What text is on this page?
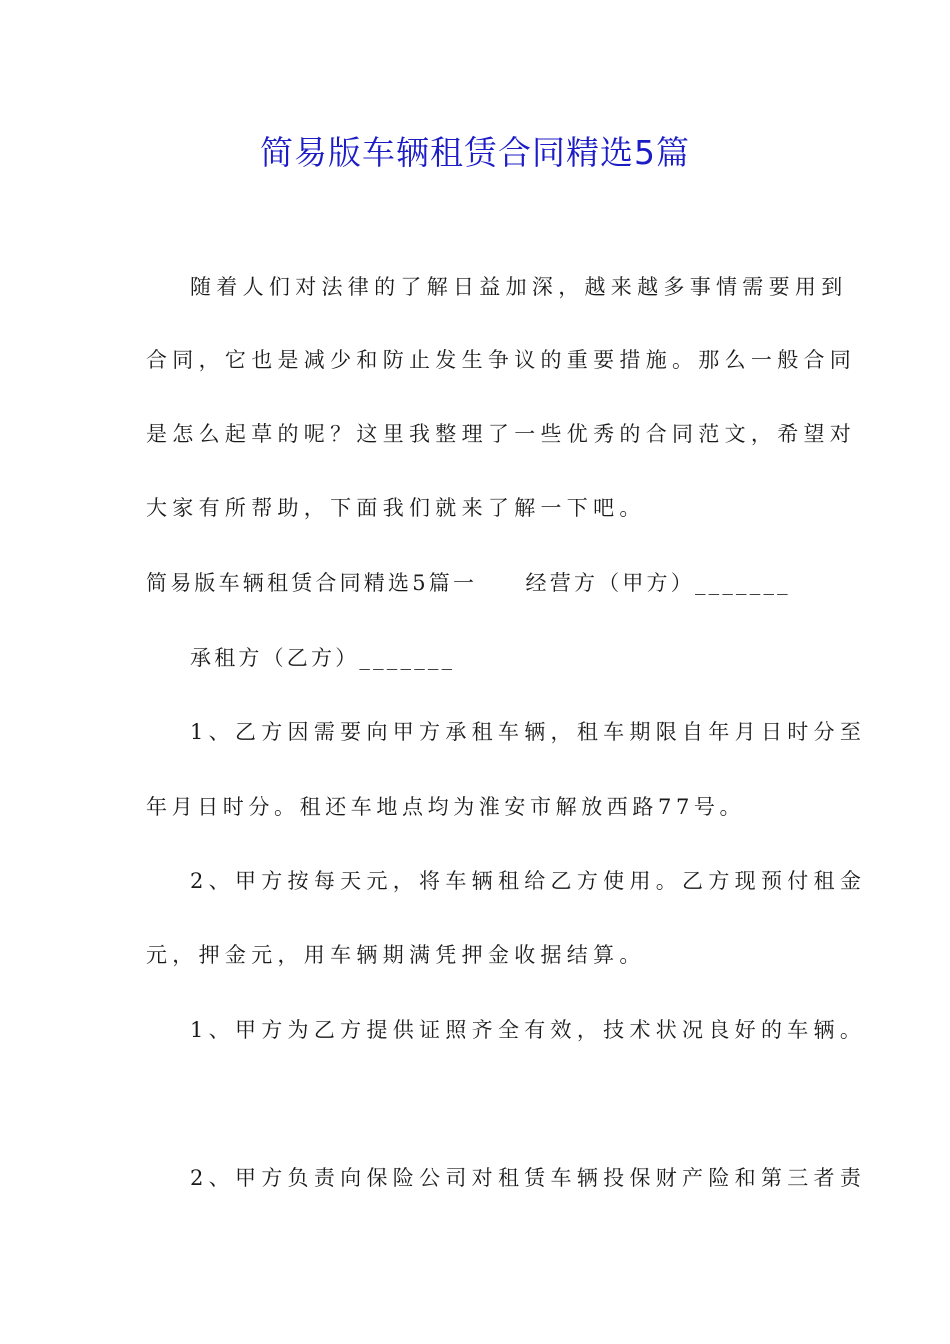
简易版车辆租赁合同精选5篇
随着人们对法律的了解日益加深，越来越多事情需要用到
合同，它也是减少和防止发生争议的重要措施。那么一般合同
是怎么起草的呢？这里我整理了一些优秀的合同范文，希望对
大家有所帮助，下面我们就来了解一下吧。
简易版车辆租赁合同精选5篇一　　经营方（甲方）_______
承租方（乙方）_______
1、乙方因需要向甲方承租车辆，租车期限自年月日时分至
年月日时分。租还车地点均为淮安市解放西路77号。
2、甲方按每天元，将车辆租给乙方使用。乙方现预付租金
元，押金元，用车辆期满凭押金收据结算。
1、甲方为乙方提供证照齐全有效，技术状况良好的车辆。
2、甲方负责向保险公司对租赁车辆投保财产险和第三者责
